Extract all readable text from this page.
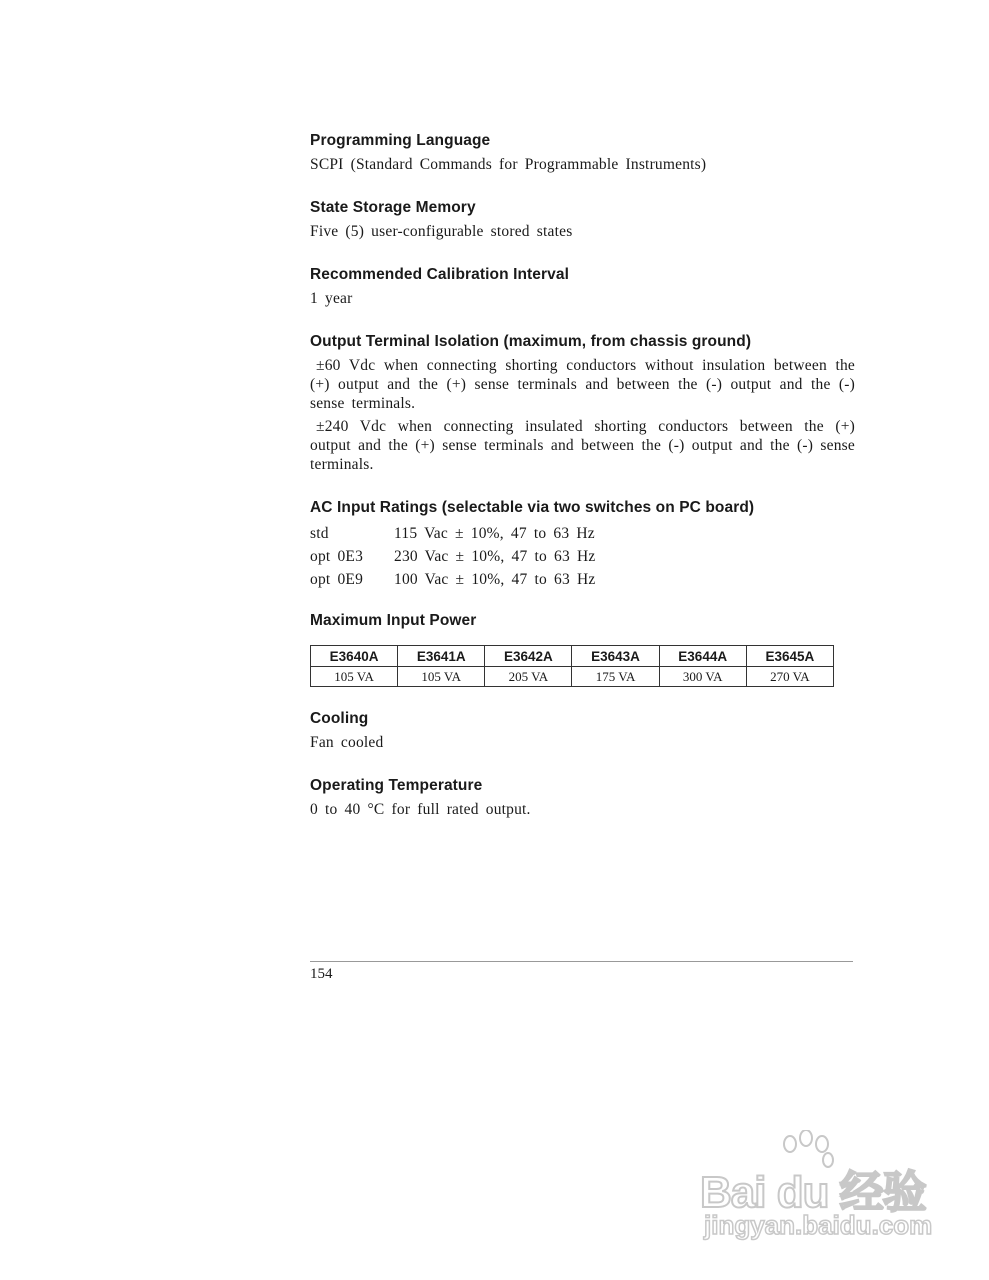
Programming Language

SCPI (Standard Commands for Programmable Instruments)

State Storage Memory

Five (5) user-configurable stored states

Recommended Calibration Interval

1 year

Output Terminal Isolation (maximum, from chassis ground)

±60 Vdc when connecting shorting conductors without insulation between the (+) output and the (+) sense terminals and between the (-) output and the (-) sense terminals.

±240 Vdc when connecting insulated shorting conductors between the (+) output and the (+) sense terminals and between the (-) output and the (-) sense terminals.

AC Input Ratings (selectable via two switches on PC board)
std	115 Vac ± 10%, 47 to 63 Hz
opt 0E3	230 Vac ± 10%, 47 to 63 Hz
opt 0E9	100 Vac ± 10%, 47 to 63 Hz
Maximum Input Power
E3640A	E3641A	E3642A	E3643A	E3644A	E3645A
105 VA	105 VA	205 VA	175 VA	300 VA	270 VA
Cooling

Fan cooled

Operating Temperature

0 to 40 °C for full rated output.

154
Bai du 经验
jingyan.baidu.com
